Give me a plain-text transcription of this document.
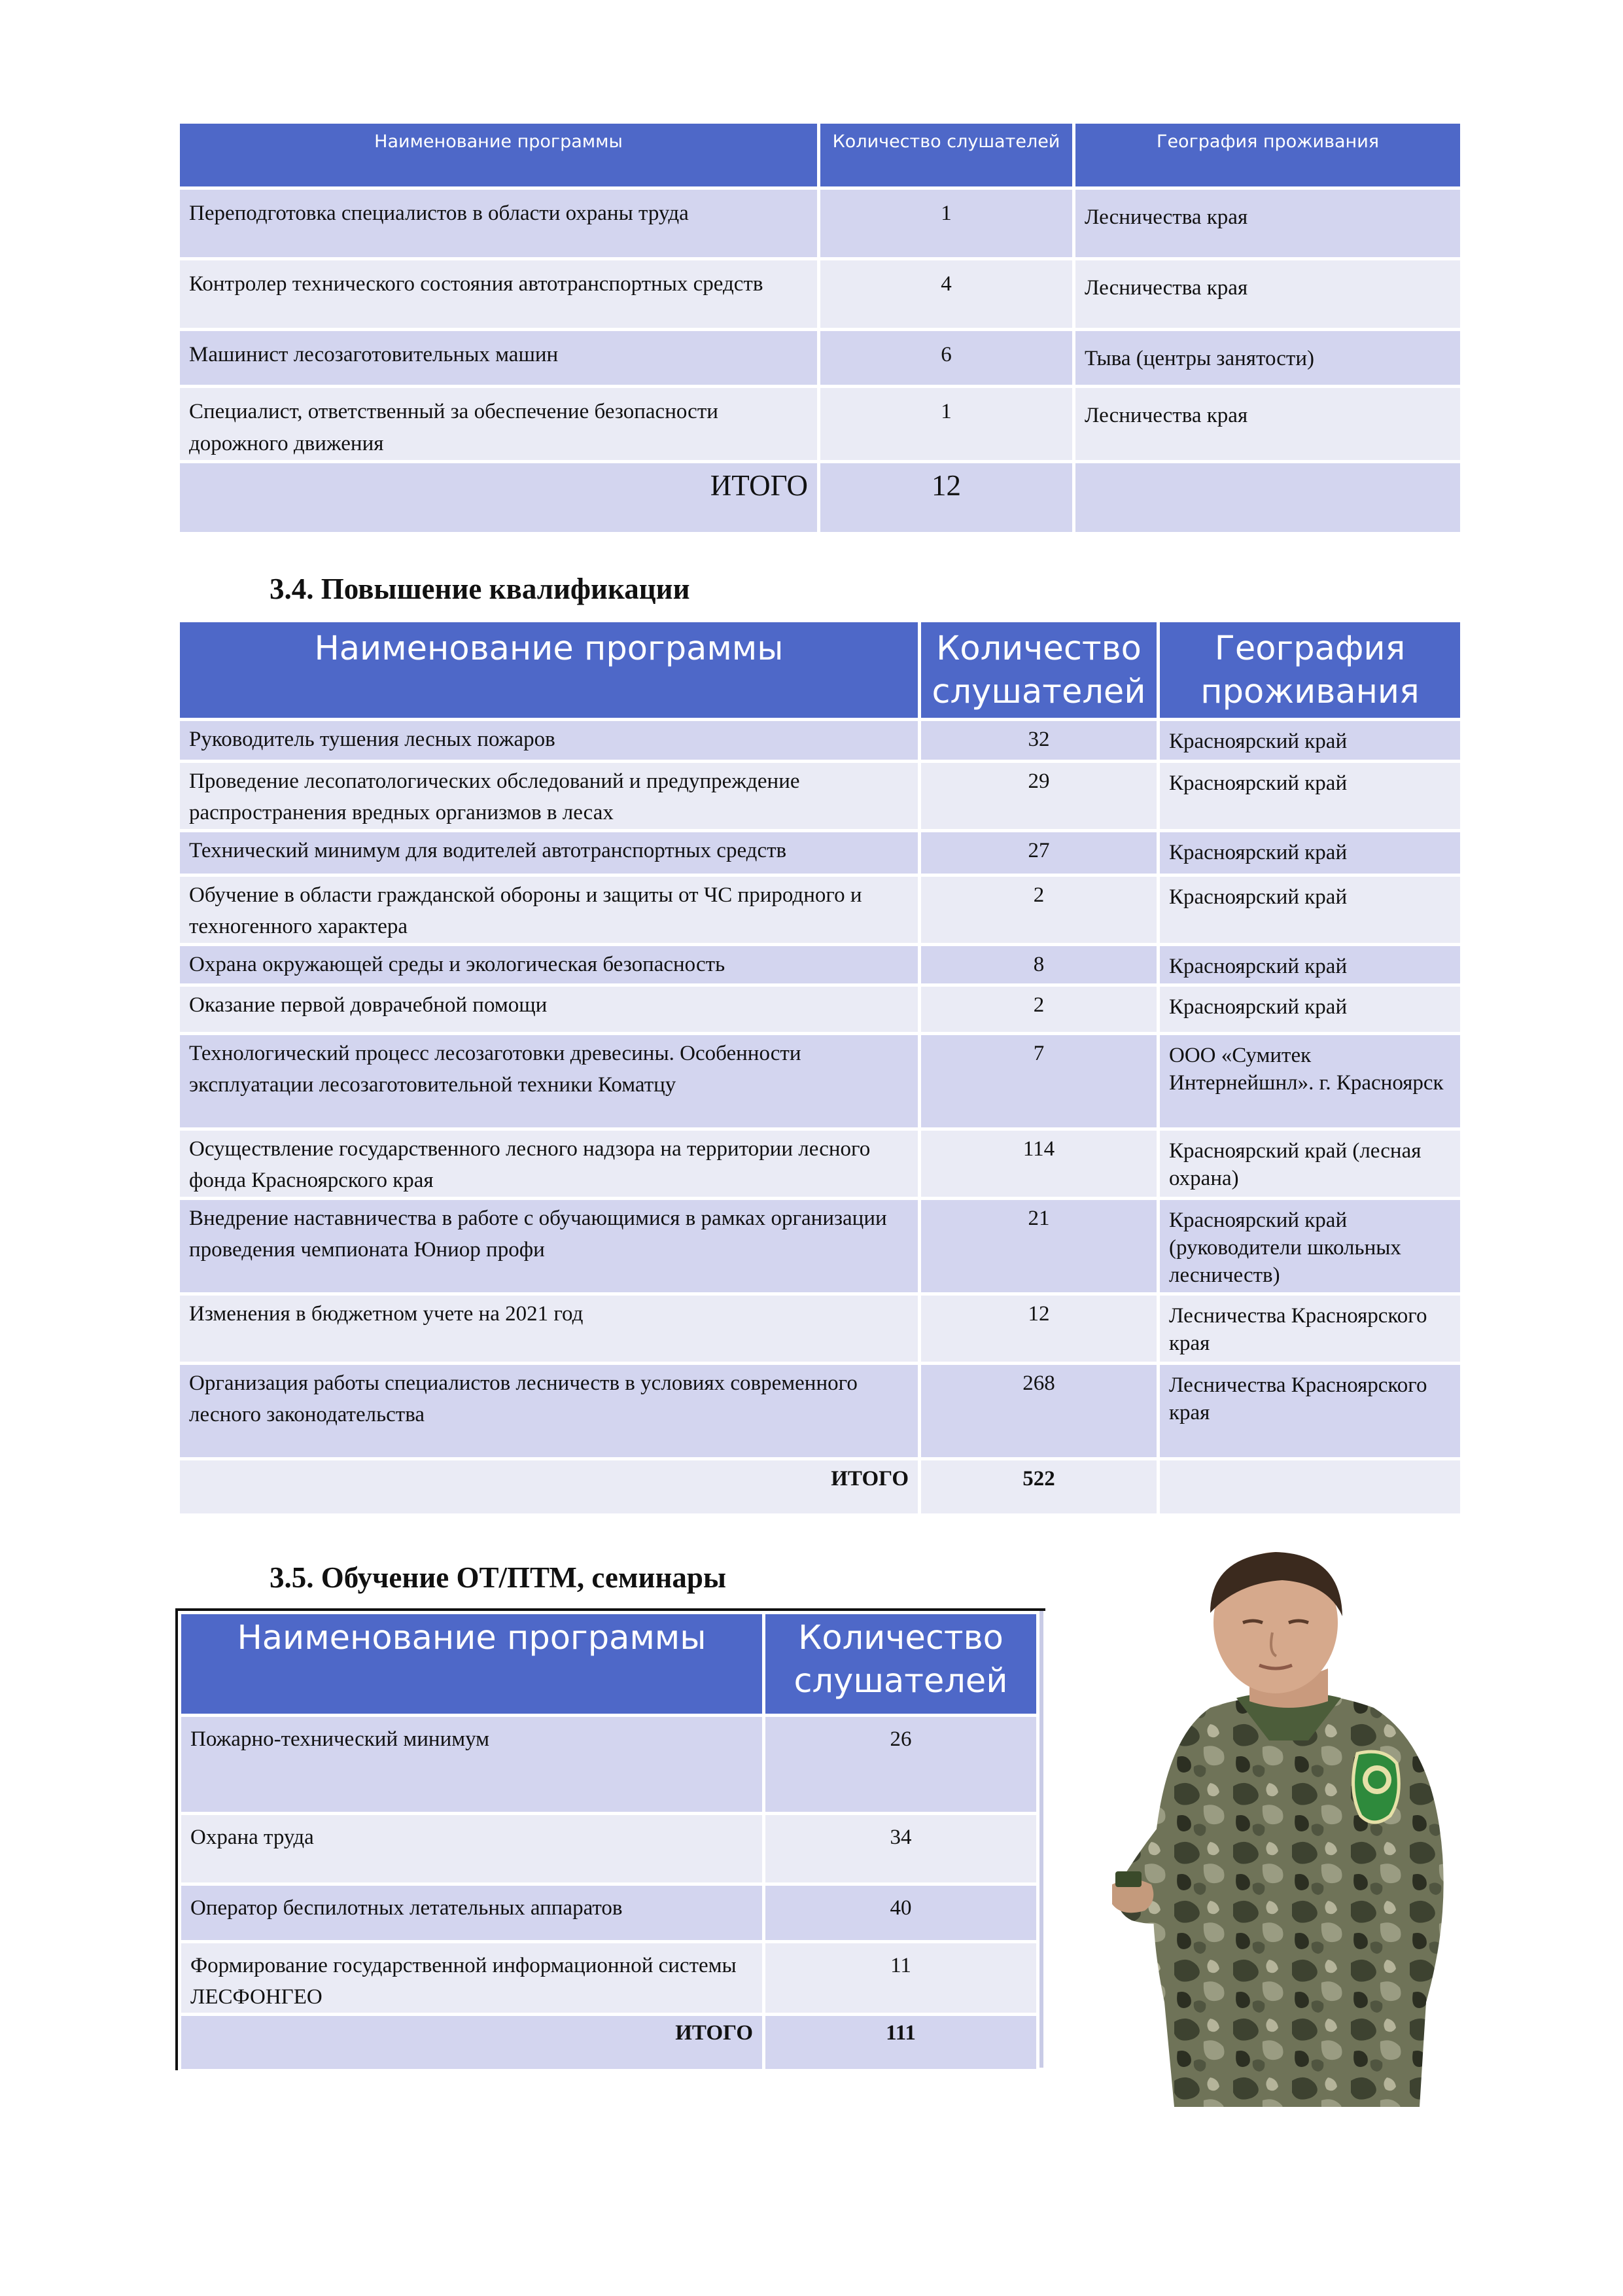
Наименование программы	Количество слушателей	География проживания
Переподготовка специалистов в области охраны труда	1	Лесничества края
Контролер технического состояния автотранспортных средств	4	Лесничества края
Машинист лесозаготовительных машин	6	Тыва (центры занятости)
Специалист, ответственный за обеспечение безопасности дорожного движения	1	Лесничества края
ИТОГО	12	
3.4. Повышение квалификации
Наименование программы	Количество слушателей	География проживания
Руководитель тушения лесных пожаров	32	Красноярский край
Проведение лесопатологических обследований и предупреждение распространения вредных организмов в лесах	29	Красноярский край
Технический минимум для водителей автотранспортных средств	27	Красноярский край
Обучение в области гражданской обороны и защиты от ЧС природного и техногенного характера	2	Красноярский край
Охрана окружающей среды и экологическая безопасность	8	Красноярский край
Оказание первой доврачебной помощи	2	Красноярский край
Технологический процесс лесозаготовки древесины. Особенности эксплуатации лесозаготовительной техники Коматцу	7	ООО «Сумитек Интернейшнл». г. Красноярск
Осуществление государственного лесного надзора на территории лесного фонда Красноярского края	114	Красноярский край (лесная охрана)
Внедрение наставничества в работе с обучающимися в рамках организации проведения чемпионата Юниор профи	21	Красноярский край (руководители школьных лесничеств)
Изменения в бюджетном учете на 2021 год	12	Лесничества Красноярского края
Организация работы специалистов лесничеств в условиях современного лесного законодательства	268	Лесничества Красноярского края
ИТОГО	522	
3.5. Обучение ОТ/ПТМ, семинары
Наименование программы	Количество слушателей
Пожарно-технический минимум	26
Охрана труда	34
Оператор беспилотных летательных аппаратов	40
Формирование государственной информационной системы ЛЕСФОНГЕО	11
ИТОГО	111
